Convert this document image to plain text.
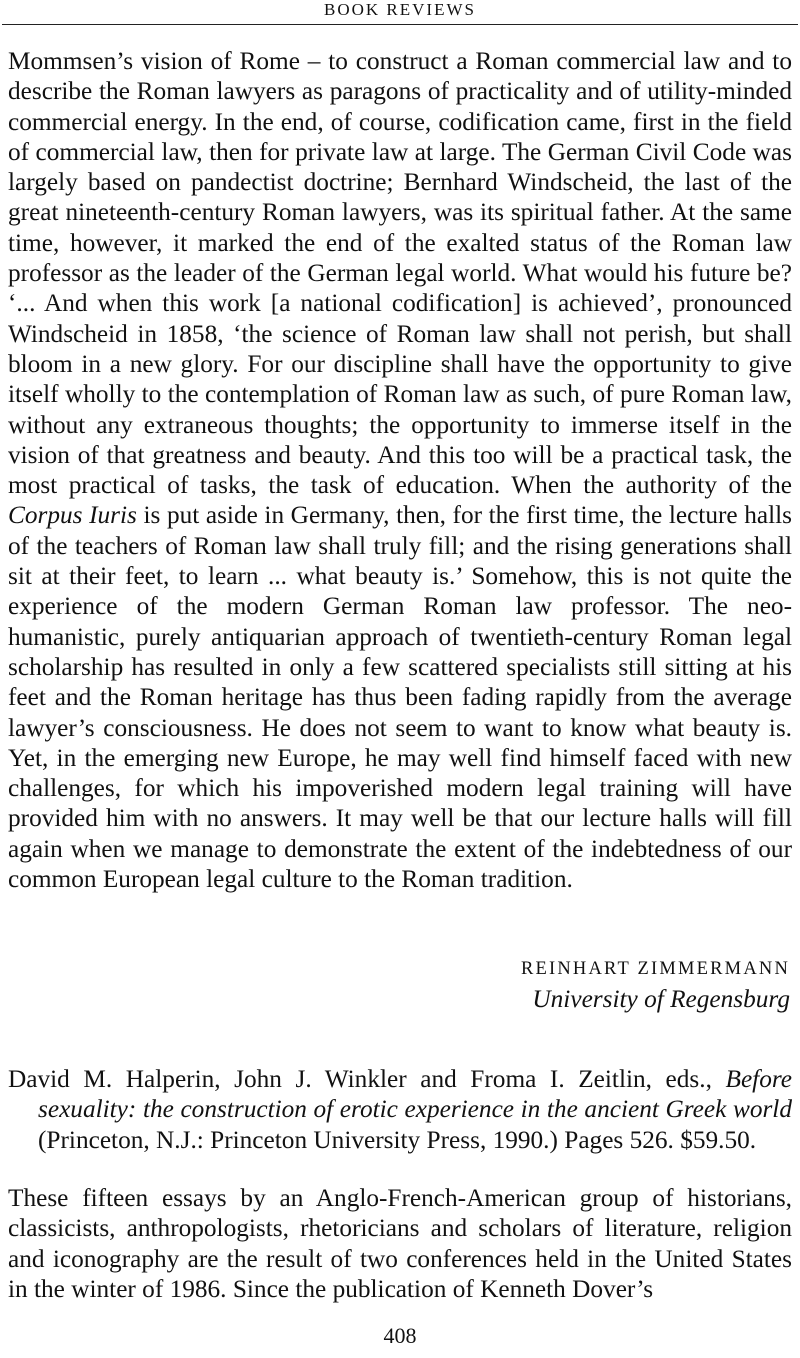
BOOK REVIEWS

Mommsen’s vision of Rome – to construct a Roman commercial law and to describe the Roman lawyers as paragons of practicality and of utility-minded commercial energy. In the end, of course, codification came, first in the field of commercial law, then for private law at large. The German Civil Code was largely based on pandectist doctrine; Bernhard Windscheid, the last of the great nineteenth-century Roman lawyers, was its spiritual father. At the same time, however, it marked the end of the exalted status of the Roman law professor as the leader of the German legal world. What would his future be? ‘... And when this work [a national codification] is achieved’, pronounced Windscheid in 1858, ‘the science of Roman law shall not perish, but shall bloom in a new glory. For our discipline shall have the opportunity to give itself wholly to the contemplation of Roman law as such, of pure Roman law, without any extraneous thoughts; the opportunity to immerse itself in the vision of that greatness and beauty. And this too will be a practical task, the most practical of tasks, the task of education. When the authority of the Corpus Iuris is put aside in Germany, then, for the first time, the lecture halls of the teachers of Roman law shall truly fill; and the rising generations shall sit at their feet, to learn ... what beauty is.’ Somehow, this is not quite the experience of the modern German Roman law professor. The neo-humanistic, purely antiquarian approach of twentieth-century Roman legal scholarship has resulted in only a few scattered specialists still sitting at his feet and the Roman heritage has thus been fading rapidly from the average lawyer’s consciousness. He does not seem to want to know what beauty is. Yet, in the emerging new Europe, he may well find himself faced with new challenges, for which his impoverished modern legal training will have provided him with no answers. It may well be that our lecture halls will fill again when we manage to demonstrate the extent of the indebtedness of our common European legal culture to the Roman tradition.

REINHART ZIMMERMANN
University of Regensburg
David M. Halperin, John J. Winkler and Froma I. Zeitlin, eds., Before sexuality: the construction of erotic experience in the ancient Greek world (Princeton, N.J.: Princeton University Press, 1990.) Pages 526. $59.50.

These fifteen essays by an Anglo-French-American group of historians, classicists, anthropologists, rhetoricians and scholars of literature, religion and iconography are the result of two conferences held in the United States in the winter of 1986. Since the publication of Kenneth Dover’s

408
